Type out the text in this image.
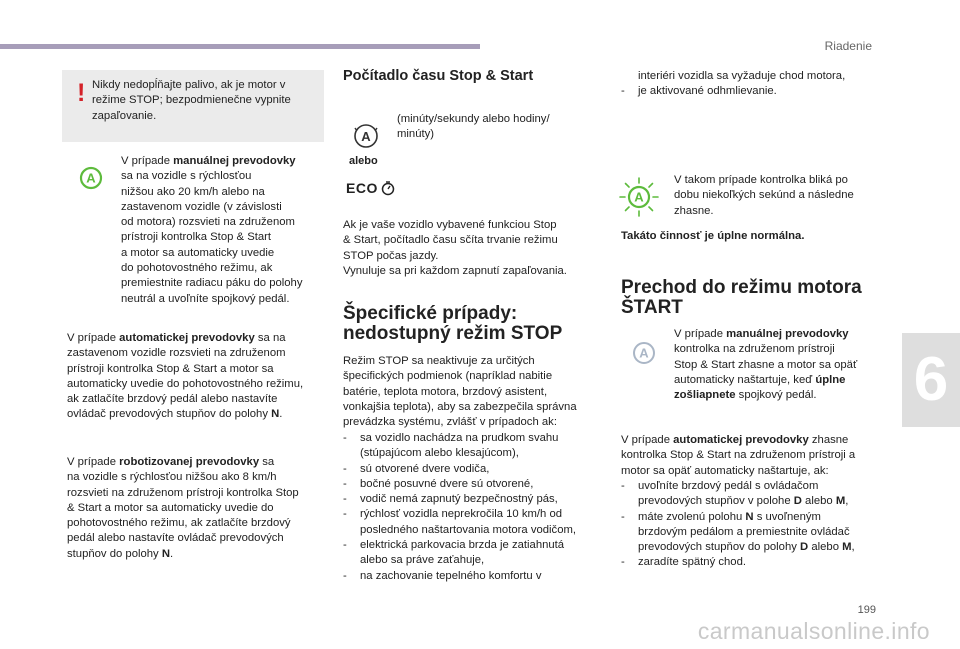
Riadenie
6
199
carmanualsonline.info
! Nikdy nedopĺňajte palivo, ak je motor v
režime STOP; bezpodmienečne vypnite
zapaľovanie.
A
V prípade manuálnej prevodovky
sa na vozidle s rýchlosťou
nižšou ako 20 km/h alebo na
zastavenom vozidle (v závislosti
od motora) rozsvieti na združenom
prístroji kontrolka Stop & Start
a motor sa automaticky uvedie
do pohotovostného režimu, ak
premiestnite radiacu páku do polohy
neutrál a uvoľníte spojkový pedál.
V prípade automatickej prevodovky sa na
zastavenom vozidle rozsvieti na združenom
prístroji kontrolka Stop & Start a motor sa
automaticky uvedie do pohotovostného režimu,
ak zatlačíte brzdový pedál alebo nastavíte
ovládač prevodových stupňov do polohy N.
V prípade robotizovanej prevodovky sa
na vozidle s rýchlosťou nižšou ako 8 km/h
rozsvieti na združenom prístroji kontrolka Stop
& Start a motor sa automaticky uvedie do
pohotovostného režimu, ak zatlačíte brzdový
pedál alebo nastavíte ovládač prevodových
stupňov do polohy N.
Počítadlo času Stop & Start
A
alebo
(minúty/sekundy alebo hodiny/
minúty)
ECO
Ak je vaše vozidlo vybavené funkciou Stop
& Start, počítadlo času sčíta trvanie režimu
STOP počas jazdy.
Vynuluje sa pri každom zapnutí zapaľovania.
Špecifické prípady:
nedostupný režim STOP
Režim STOP sa neaktivuje za určitých
špecifických podmienok (napríklad nabitie
batérie, teplota motora, brzdový asistent,
vonkajšia teplota), aby sa zabezpečila správna
prevádzka systému, zvlášť v prípadoch ak:
- sa vozidlo nachádza na prudkom svahu
(stúpajúcom alebo klesajúcom),
- sú otvorené dvere vodiča,
- bočné posuvné dvere sú otvorené,
- vodič nemá zapnutý bezpečnostný pás,
- rýchlosť vozidla neprekročila 10 km/h od
posledného naštartovania motora vodičom,
- elektrická parkovacia brzda je zatiahnutá
alebo sa práve zaťahuje,
- na zachovanie tepelného komfortu v
interiéri vozidla sa vyžaduje chod motora,
- je aktivované odhmlievanie.
A
V takom prípade kontrolka bliká po
dobu niekoľkých sekúnd a následne
zhasne.
Takáto činnosť je úplne normálna.
Prechod do režimu motora
ŠTART
A
V prípade manuálnej prevodovky
kontrolka na združenom prístroji
Stop & Start zhasne a motor sa opäť
automaticky naštartuje, keď úplne
zošliapnete spojkový pedál.
V prípade automatickej prevodovky zhasne
kontrolka Stop & Start na združenom prístroji a
motor sa opäť automaticky naštartuje, ak:
- uvoľníte brzdový pedál s ovládačom
prevodových stupňov v polohe D alebo M,
- máte zvolenú polohu N s uvoľneným
brzdovým pedálom a premiestnite ovládač
prevodových stupňov do polohy D alebo M,
- zaradíte spätný chod.
